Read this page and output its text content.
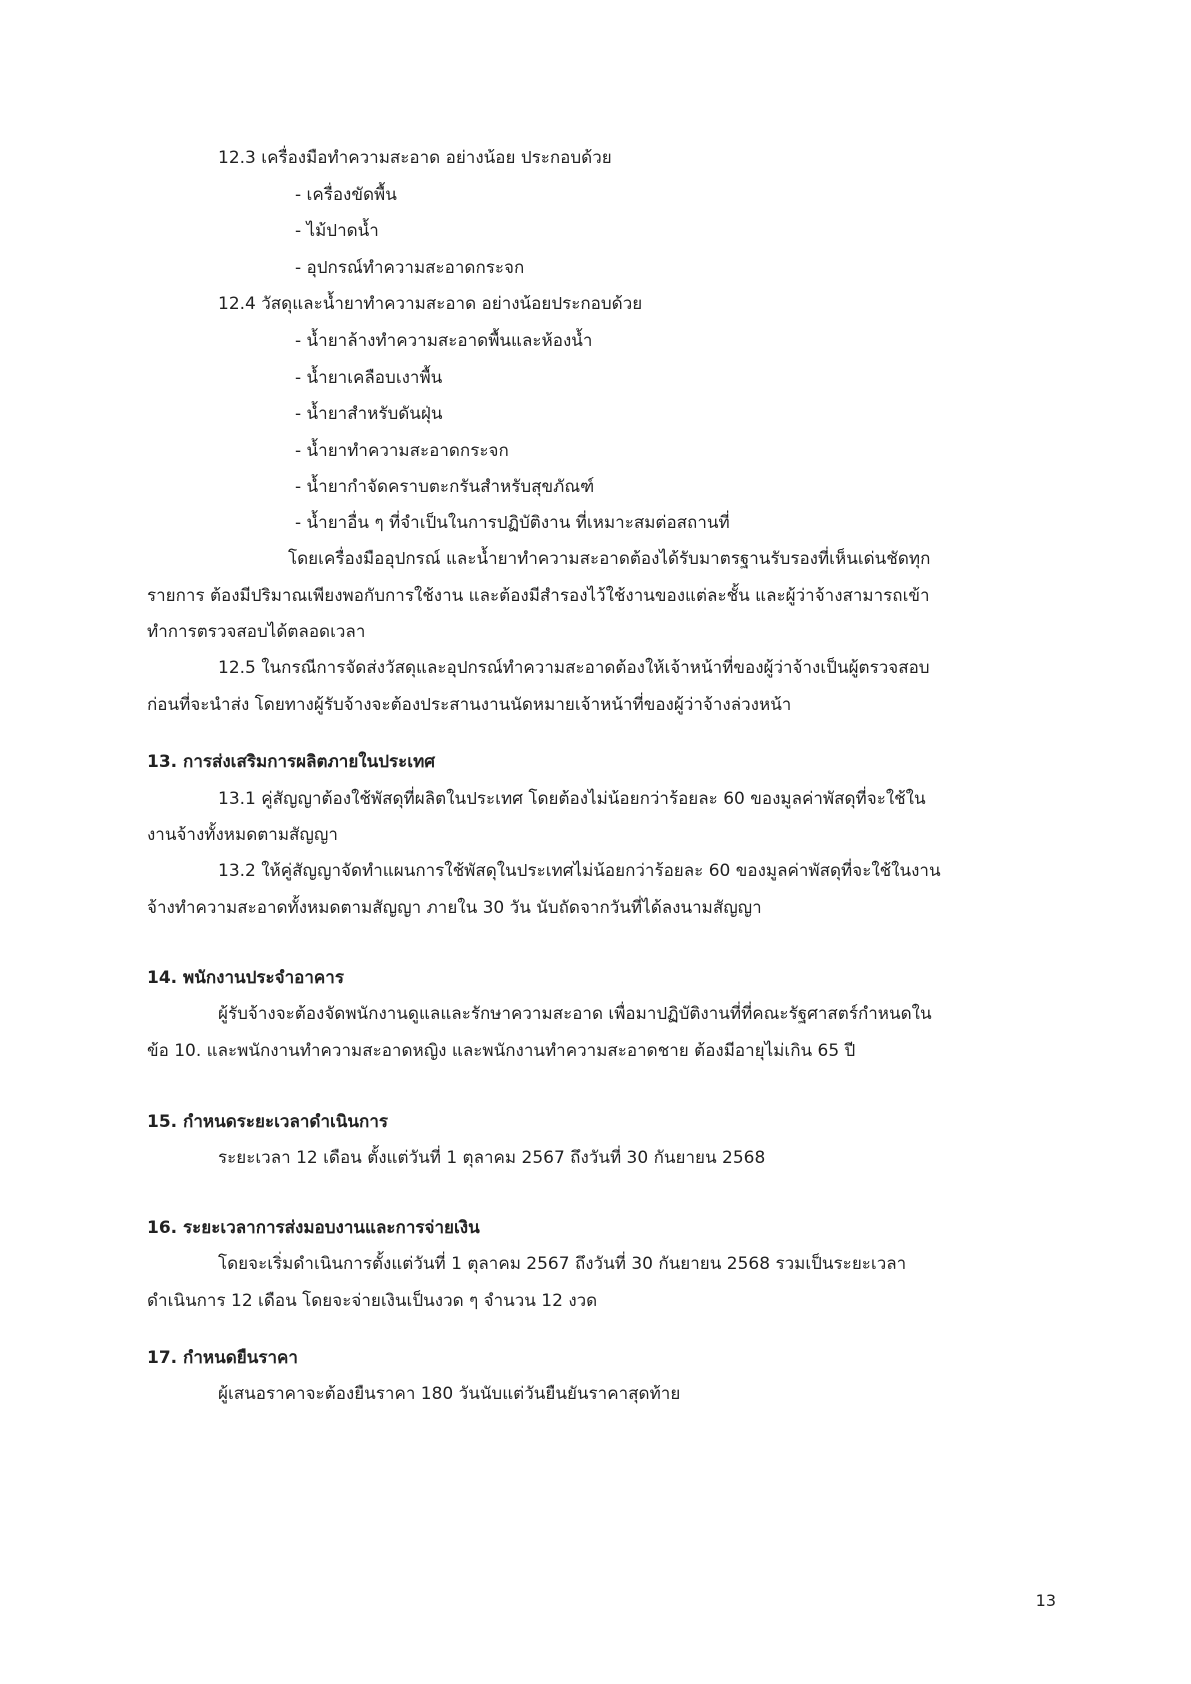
12.3 เครื่องมือทำความสะอาด อย่างน้อย ประกอบด้วย

- เครื่องขัดพื้น

- ไม้ปาดน้ำ

- อุปกรณ์ทำความสะอาดกระจก

12.4 วัสดุและน้ำยาทำความสะอาด อย่างน้อยประกอบด้วย

- น้ำยาล้างทำความสะอาดพื้นและห้องน้ำ

- น้ำยาเคลือบเงาพื้น

- น้ำยาสำหรับดันฝุ่น

- น้ำยาทำความสะอาดกระจก

- น้ำยากำจัดคราบตะกรันสำหรับสุขภัณฑ์

- น้ำยาอื่น ๆ ที่จำเป็นในการปฏิบัติงาน ที่เหมาะสมต่อสถานที่

โดยเครื่องมืออุปกรณ์ และน้ำยาทำความสะอาดต้องได้รับมาตรฐานรับรองที่เห็นเด่นชัดทุก

รายการ ต้องมีปริมาณเพียงพอกับการใช้งาน และต้องมีสำรองไว้ใช้งานของแต่ละชั้น และผู้ว่าจ้างสามารถเข้า

ทำการตรวจสอบได้ตลอดเวลา

12.5 ในกรณีการจัดส่งวัสดุและอุปกรณ์ทำความสะอาดต้องให้เจ้าหน้าที่ของผู้ว่าจ้างเป็นผู้ตรวจสอบ

ก่อนที่จะนำส่ง โดยทางผู้รับจ้างจะต้องประสานงานนัดหมายเจ้าหน้าที่ของผู้ว่าจ้างล่วงหน้า

13. การส่งเสริมการผลิตภายในประเทศ

13.1 คู่สัญญาต้องใช้พัสดุที่ผลิตในประเทศ โดยต้องไม่น้อยกว่าร้อยละ 60 ของมูลค่าพัสดุที่จะใช้ใน

งานจ้างทั้งหมดตามสัญญา

13.2 ให้คู่สัญญาจัดทำแผนการใช้พัสดุในประเทศไม่น้อยกว่าร้อยละ 60 ของมูลค่าพัสดุที่จะใช้ในงาน

จ้างทำความสะอาดทั้งหมดตามสัญญา ภายใน 30 วัน นับถัดจากวันที่ได้ลงนามสัญญา

14. พนักงานประจำอาคาร

ผู้รับจ้างจะต้องจัดพนักงานดูแลและรักษาความสะอาด เพื่อมาปฏิบัติงานที่ที่คณะรัฐศาสตร์กำหนดใน

ข้อ 10. และพนักงานทำความสะอาดหญิง และพนักงานทำความสะอาดชาย ต้องมีอายุไม่เกิน 65 ปี

15. กำหนดระยะเวลาดำเนินการ

ระยะเวลา 12 เดือน ตั้งแต่วันที่ 1 ตุลาคม 2567 ถึงวันที่ 30 กันยายน 2568

16. ระยะเวลาการส่งมอบงานและการจ่ายเงิน

โดยจะเริ่มดำเนินการตั้งแต่วันที่ 1 ตุลาคม 2567 ถึงวันที่ 30 กันยายน 2568 รวมเป็นระยะเวลา

ดำเนินการ 12 เดือน โดยจะจ่ายเงินเป็นงวด ๆ จำนวน 12 งวด

17. กำหนดยืนราคา

ผู้เสนอราคาจะต้องยืนราคา 180 วันนับแต่วันยืนยันราคาสุดท้าย

13
